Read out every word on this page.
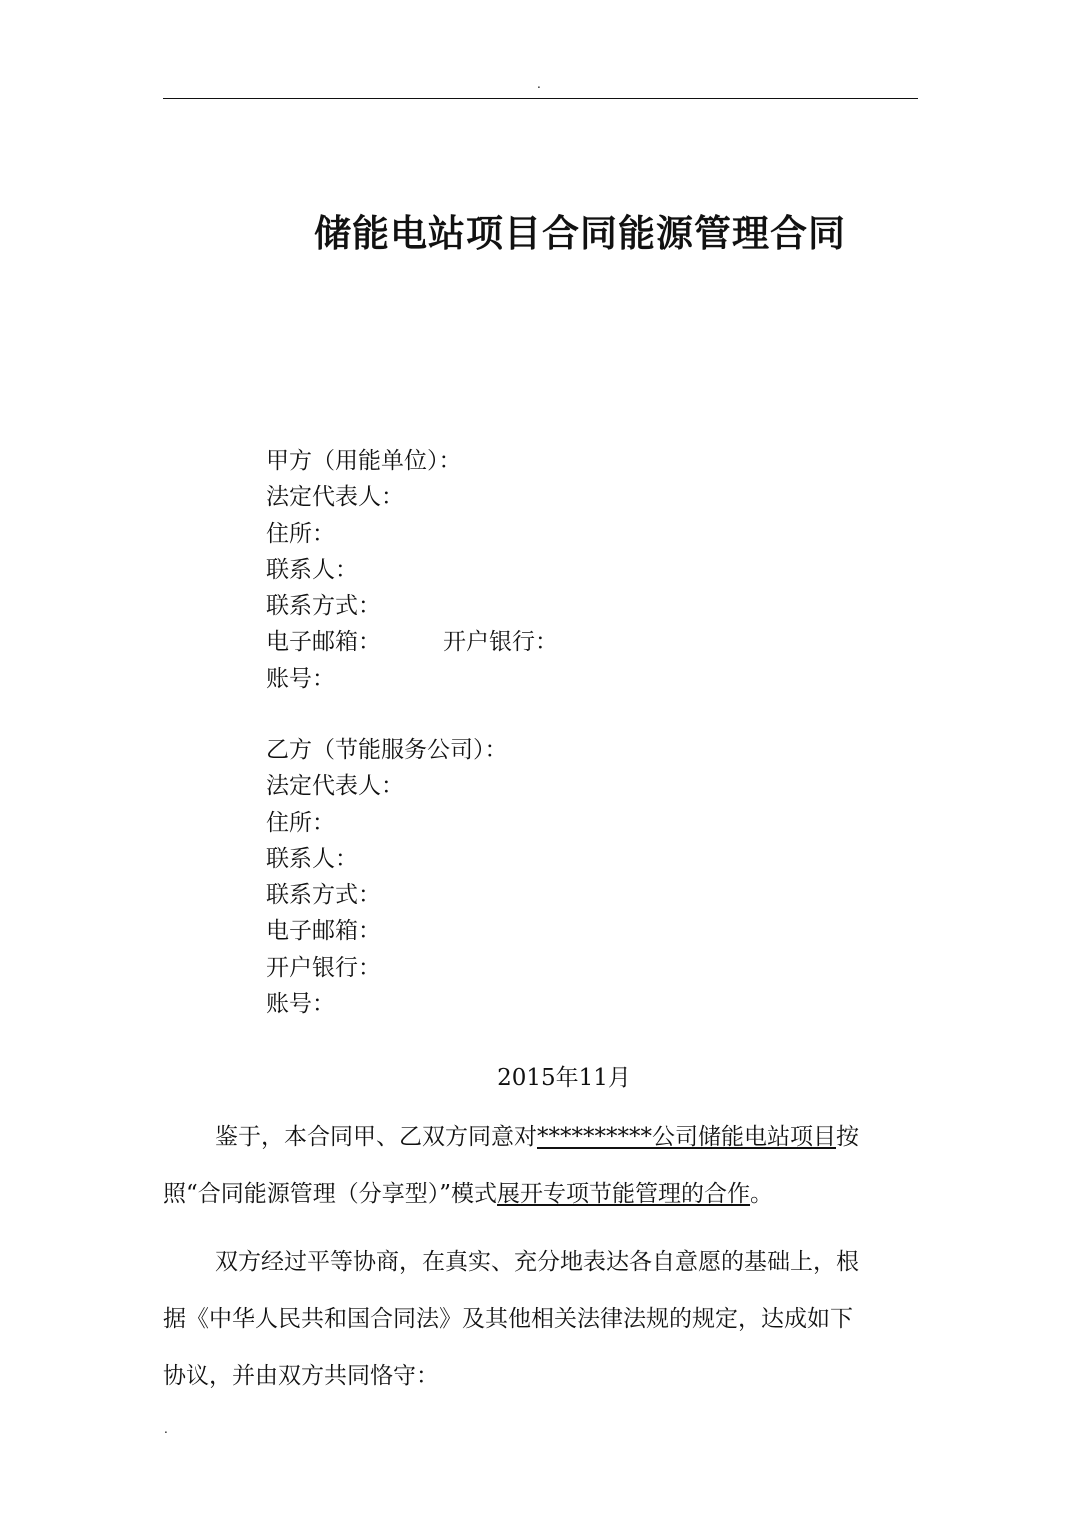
.
储能电站项目合同能源管理合同
甲方（用能单位）：
法定代表人：
住所：
联系人：
联系方式：
电子邮箱：	开户银行：
账号：
乙方（节能服务公司）：
法定代表人：
住所：
联系人：
联系方式：
电子邮箱：
开户银行：
账号：
2015年11月
鉴于，本合同甲、乙双方同意对**********公司储能电站项目按
照“合同能源管理（分享型）”模式展开专项节能管理的合作。
双方经过平等协商，在真实、充分地表达各自意愿的基础上，根
据《中华人民共和国合同法》及其他相关法律法规的规定，达成如下
协议，并由双方共同恪守：
.
